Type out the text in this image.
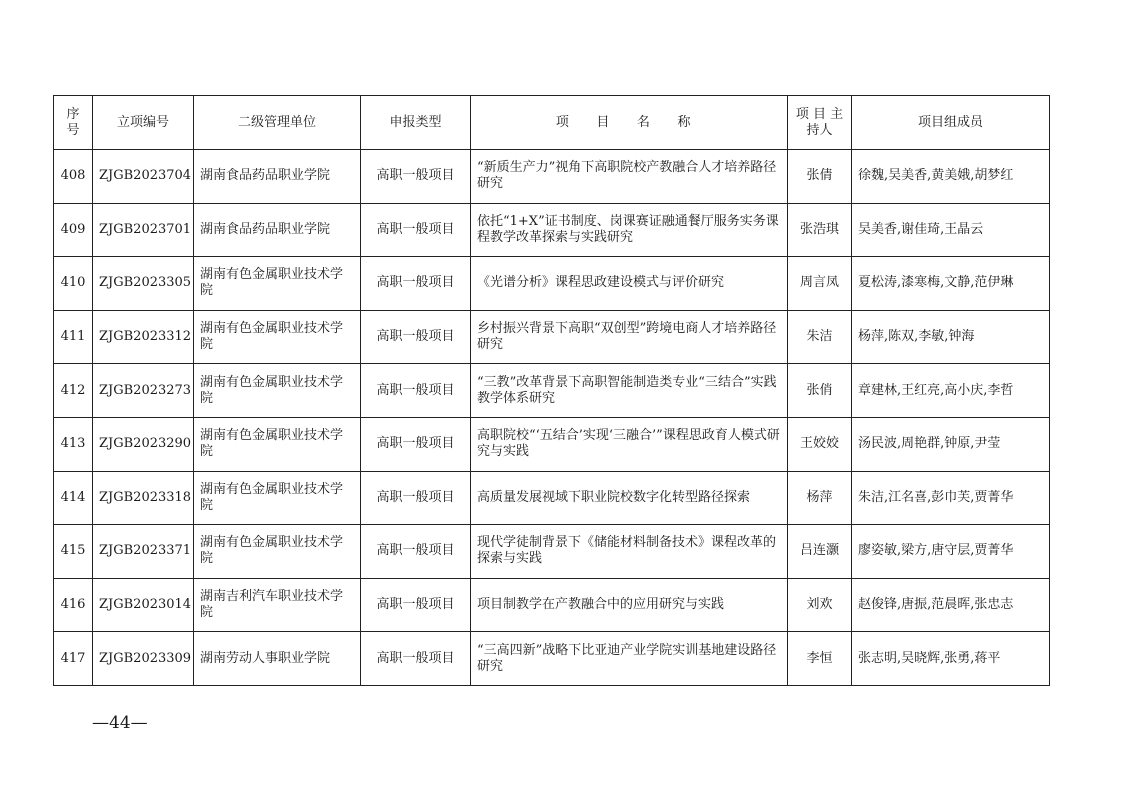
序号	立项编号	二级管理单位	申报类型	项 目 名 称	项 目 主持人	项目组成员
408	ZJGB2023704	湖南食品药品职业学院	高职一般项目	“新质生产力”视角下高职院校产教融合人才培养路径研究	张倩	徐魏,吴美香,黄美娥,胡梦红
409	ZJGB2023701	湖南食品药品职业学院	高职一般项目	依托“1+X”证书制度、岗课赛证融通餐厅服务实务课程教学改革探索与实践研究	张浩琪	吴美香,谢佳琦,王晶云
410	ZJGB2023305	湖南有色金属职业技术学院	高职一般项目	《光谱分析》课程思政建设模式与评价研究	周言凤	夏松涛,漆寒梅,文静,范伊琳
411	ZJGB2023312	湖南有色金属职业技术学院	高职一般项目	乡村振兴背景下高职“双创型”跨境电商人才培养路径研究	朱洁	杨萍,陈双,李敏,钟海
412	ZJGB2023273	湖南有色金属职业技术学院	高职一般项目	“三教”改革背景下高职智能制造类专业“三结合”实践教学体系研究	张俏	章建林,王红亮,高小庆,李哲
413	ZJGB2023290	湖南有色金属职业技术学院	高职一般项目	高职院校“‘五结合’实现‘三融合’”课程思政育人模式研究与实践	王姣姣	汤民波,周艳群,钟原,尹莹
414	ZJGB2023318	湖南有色金属职业技术学院	高职一般项目	高质量发展视域下职业院校数字化转型路径探索	杨萍	朱洁,江名喜,彭巾芙,贾菁华
415	ZJGB2023371	湖南有色金属职业技术学院	高职一般项目	现代学徒制背景下《储能材料制备技术》课程改革的探索与实践	吕连灏	廖姿敏,梁方,唐守层,贾菁华
416	ZJGB2023014	湖南吉利汽车职业技术学院	高职一般项目	项目制教学在产教融合中的应用研究与实践	刘欢	赵俊锋,唐振,范晨晖,张忠志
417	ZJGB2023309	湖南劳动人事职业学院	高职一般项目	“三高四新”战略下比亚迪产业学院实训基地建设路径研究	李恒	张志明,吴晓辉,张勇,蒋平
—44—
